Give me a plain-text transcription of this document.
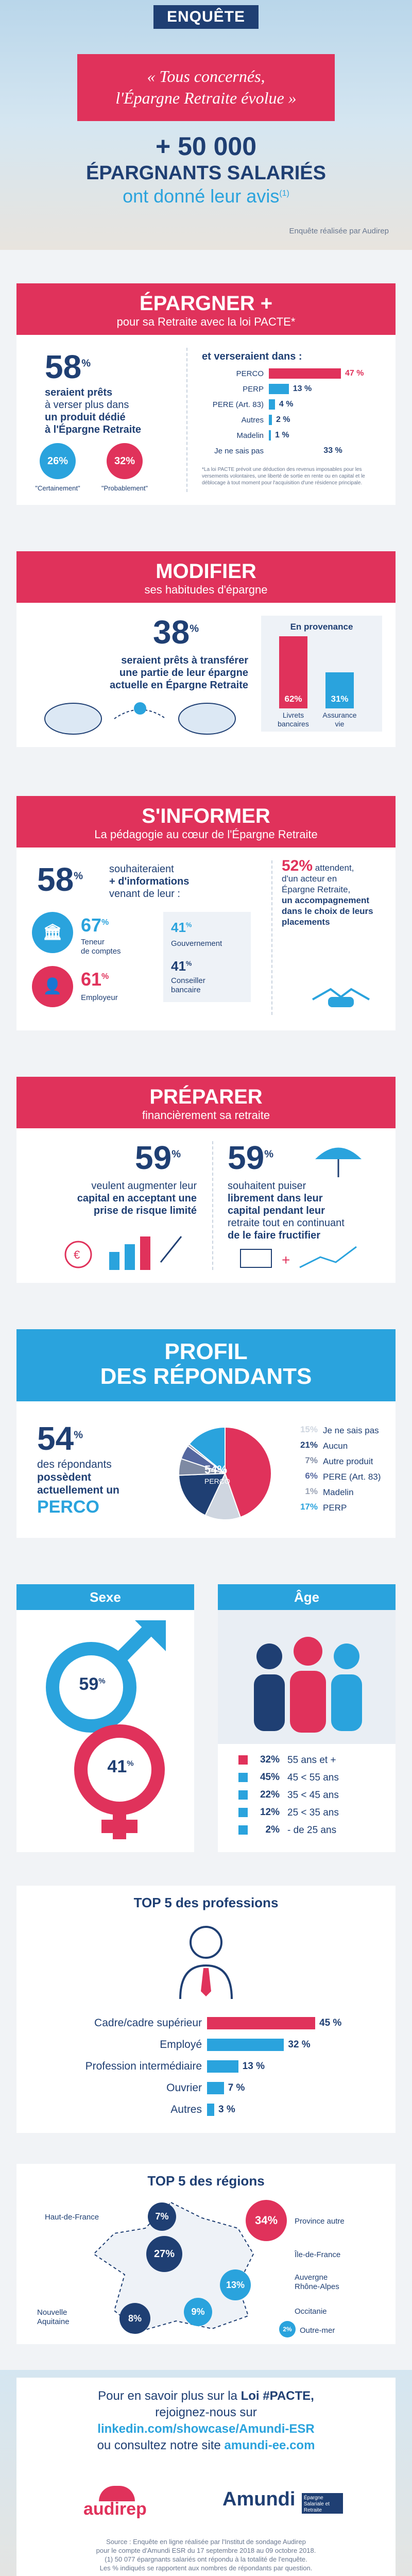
ENQUÊTE
« Tous concernés,
l'Épargne Retraite évolue »
+ 50 000
ÉPARGNANTS SALARIÉS
ont donné leur avis$^{(1)}$
Enquête réalisée par Audirep
ÉPARGNER +
pour sa Retraite avec la loi PACTE*
58%
seraient prêts
à verser plus dans
un produit dédié
à l'Épargne Retraite
26%
"Certainement"
32%
"Probablement"
et verseraient dans :
PERCO	47 %
PERP	13 %
PERE (Art. 83)	4 %
Autres	2 %
Madelin	1 %
Je ne sais pas	33 %
*La loi PACTE prévoit une déduction des revenus imposables pour les versements volontaires, une liberté de sortie en rente ou en capital et le déblocage à tout moment pour l'acquisition d'une résidence principale.
MODIFIER
ses habitudes d'épargne
38%
seraient prêts à transférer
une partie de leur épargne
actuelle en Épargne Retraite
En provenance
62%
Livrets
bancaires
31%
Assurance
vie
S'INFORMER
La pédagogie au cœur de l'Épargne Retraite
58%
souhaiteraient
+ d'informations
venant de leur :
🏛 67%
Teneur
de comptes
👤	61%
Employeur
41%
Gouvernement
41%
Conseiller
bancaire
52% attendent,
d'un acteur en
Épargne Retraite,
un accompagnement
dans le choix de leurs
placements
PRÉPARER
financièrement sa retraite
59%
veulent augmenter leur
capital en acceptant une
prise de risque limité
€
59%
souhaitent puiser
librement dans leur
capital pendant leur
retraite tout en continuant
de le faire fructifier
+
PROFIL
DES RÉPONDANTS
54%
des répondants
possèdent
actuellement un
PERCO
54%
PERCO
15% Je ne sais pas
21% Aucun
7% Autre produit
6% PERE (Art. 83)
1% Madelin
17% PERP
Sexe
59%
41%
Âge
32% 55 ans et +
45% 45 < 55 ans
22% 35 < 45 ans
12% 25 < 35 ans
2% - de 25 ans
TOP 5 des professions
Cadre/cadre supérieur	45 %
Employé	32 %
Profession intermédiaire	13 %
Ouvrier	7 %
Autres	3 %
TOP 5 des régions
7%
Haut-de-France	34%	Province autre
27%	Île-de-France
13%
Auvergne
Rhône-Alpes
9%	Occitanie
8%
Nouvelle
Aquitaine
2%	Outre-mer
Pour en savoir plus sur la Loi #PACTE,
rejoignez-nous sur
linkedin.com/showcase/Amundi-ESR
ou consultez notre site amundi-ee.com
audirep	Amundi Épargne Salariale et Retraite
Source : Enquête en ligne réalisée par l'Institut de sondage Audirep
pour le compte d'Amundi ESR du 17 septembre 2018 au 09 octobre 2018.
(1) 50 077 épargnants salariés ont répondu à la totalité de l'enquête.
Les % indiqués se rapportent aux nombres de répondants par question.
